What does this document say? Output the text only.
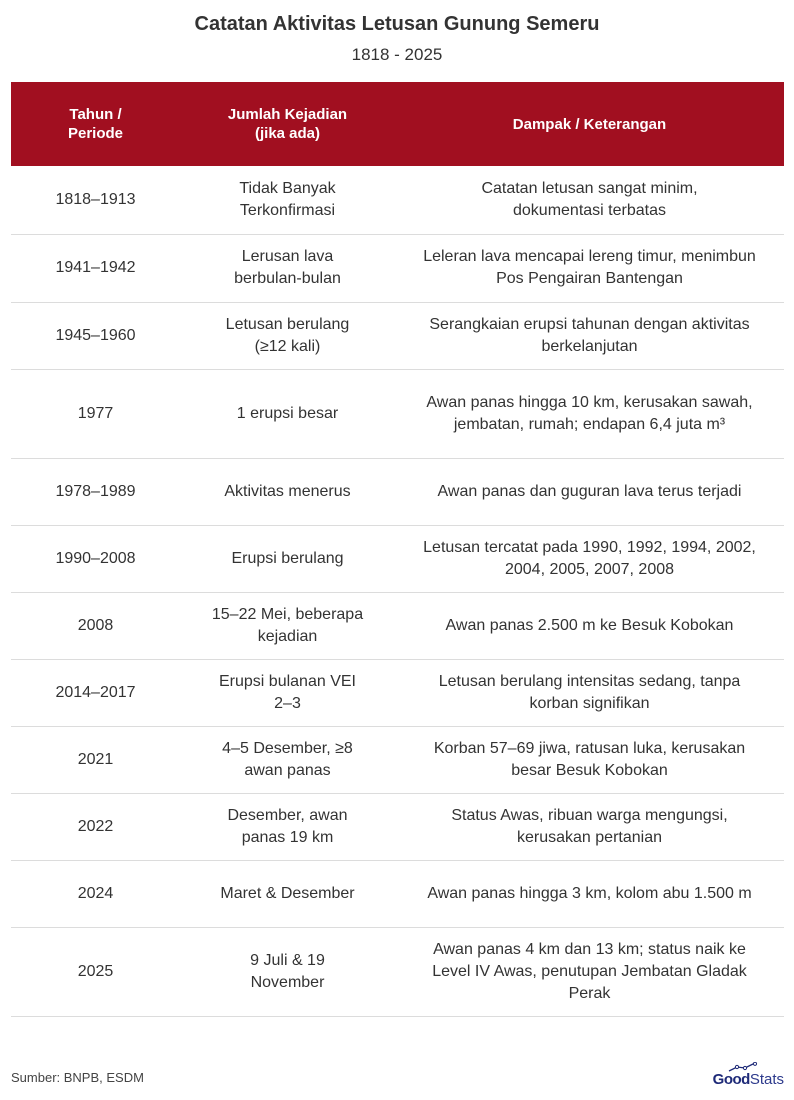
Catatan Aktivitas Letusan Gunung Semeru
1818 - 2025
Tahun / Periode	Jumlah Kejadian (jika ada)	Dampak / Keterangan
1818–1913	Tidak Banyak Terkonfirmasi	Catatan letusan sangat minim, dokumentasi terbatas
1941–1942	Lerusan lava berbulan-bulan	Leleran lava mencapai lereng timur, menimbun Pos Pengairan Bantengan
1945–1960	Letusan berulang (≥12 kali)	Serangkaian erupsi tahunan dengan aktivitas berkelanjutan
1977	1 erupsi besar	Awan panas hingga 10 km, kerusakan sawah, jembatan, rumah; endapan 6,4 juta m³
1978–1989	Aktivitas menerus	Awan panas dan guguran lava terus terjadi
1990–2008	Erupsi berulang	Letusan tercatat pada 1990, 1992, 1994, 2002, 2004, 2005, 2007, 2008
2008	15–22 Mei, beberapa kejadian	Awan panas 2.500 m ke Besuk Kobokan
2014–2017	Erupsi bulanan VEI 2–3	Letusan berulang intensitas sedang, tanpa korban signifikan
2021	4–5 Desember, ≥8 awan panas	Korban 57–69 jiwa, ratusan luka, kerusakan besar Besuk Kobokan
2022	Desember, awan panas 19 km	Status Awas, ribuan warga mengungsi, kerusakan pertanian
2024	Maret & Desember	Awan panas hingga 3 km, kolom abu 1.500 m
2025	9 Juli & 19 November	Awan panas 4 km dan 13 km; status naik ke Level IV Awas, penutupan Jembatan Gladak Perak
Sumber: BNPB, ESDM	Good Stats
